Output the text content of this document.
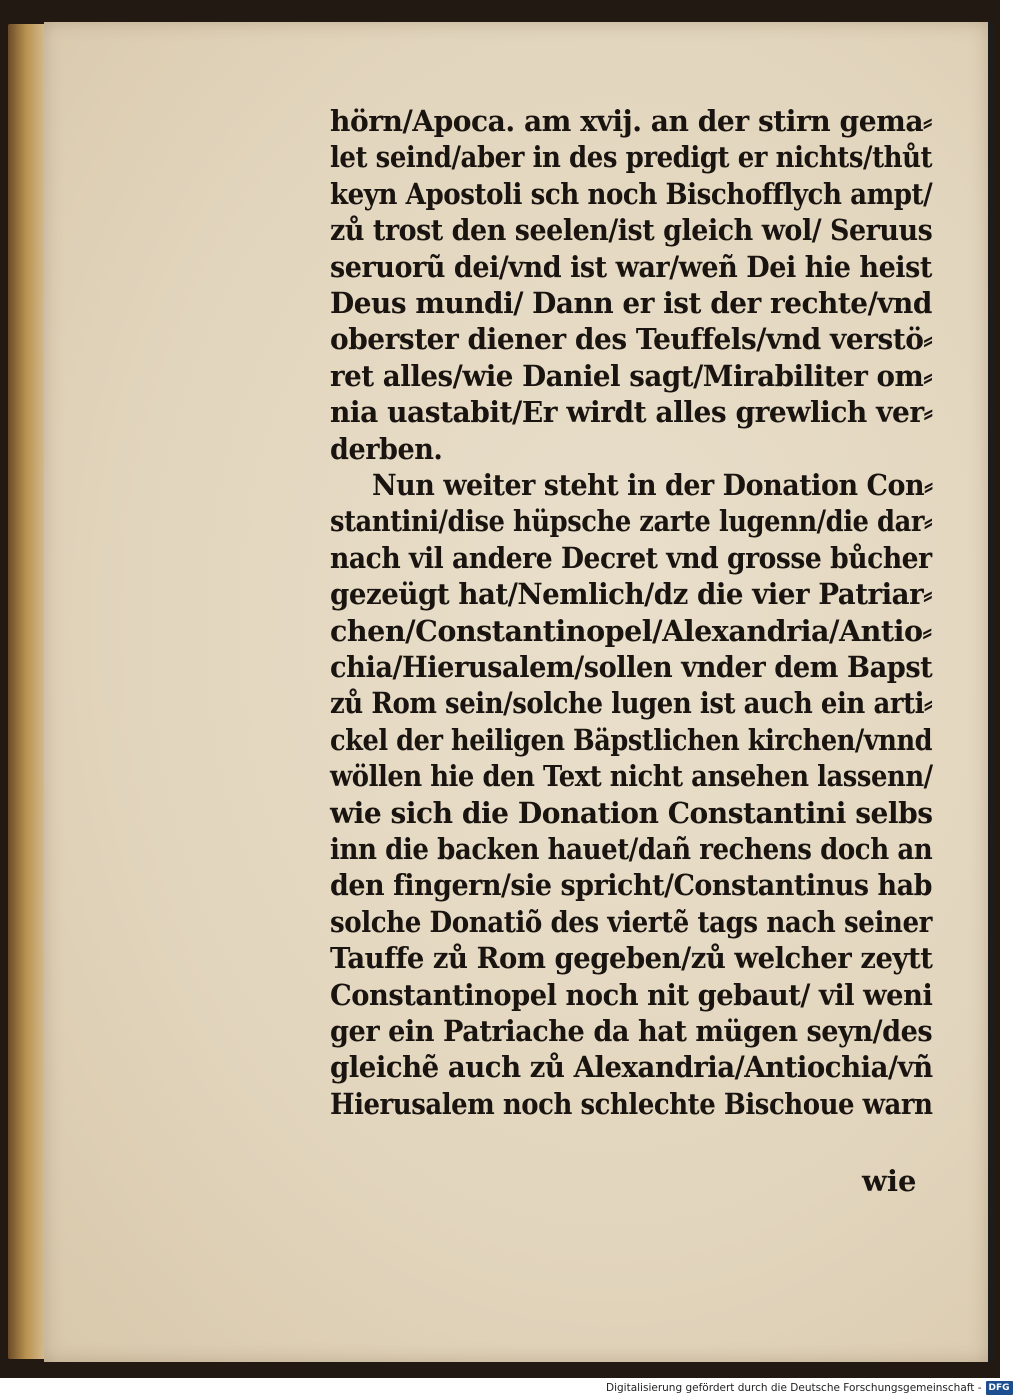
hörn/Apoca. am xvij. an der stirn gema⸗
let seind/aber in des predigt er nichts/thůt
keyn Apostoli sch noch Bischofflych ampt/
zů trost den seelen/ist gleich wol/ Seruus
seruorũ dei/vnd ist war/weñ Dei hie heist
Deus mundi/ Dann er ist der rechte/vnd
oberster diener des Teuffels/vnd verstö⸗
ret alles/wie Daniel sagt/Mirabiliter om⸗
nia uastabit/Er wirdt alles grewlich ver⸗
derben.
Nun weiter steht in der Donation Con⸗
stantini/dise hüpsche zarte lugenn/die dar⸗
nach vil andere Decret vnd grosse bůcher
gezeügt hat/Nemlich/dz die vier Patriar⸗
chen/Constantinopel/Alexandria/Antio⸗
chia/Hierusalem/sollen vnder dem Bapst
zů Rom sein/solche lugen ist auch ein arti⸗
ckel der heiligen Bäpstlichen kirchen/vnnd
wöllen hie den Text nicht ansehen lassenn/
wie sich die Donation Constantini selbs
inn die backen hauet/dañ rechens doch an
den fingern/sie spricht/Constantinus hab
solche Donatiõ des viertẽ tags nach seiner
Tauffe zů Rom gegeben/zů welcher zeytt
Constantinopel noch nit gebaut/ vil weni
ger ein Patriache da hat mügen seyn/des
gleichẽ auch zů Alexandria/Antiochia/vñ
Hierusalem noch schlechte Bischoue warn
wie
Digitalisierung gefördert durch die Deutsche Forschungsgemeinschaft - DFG
